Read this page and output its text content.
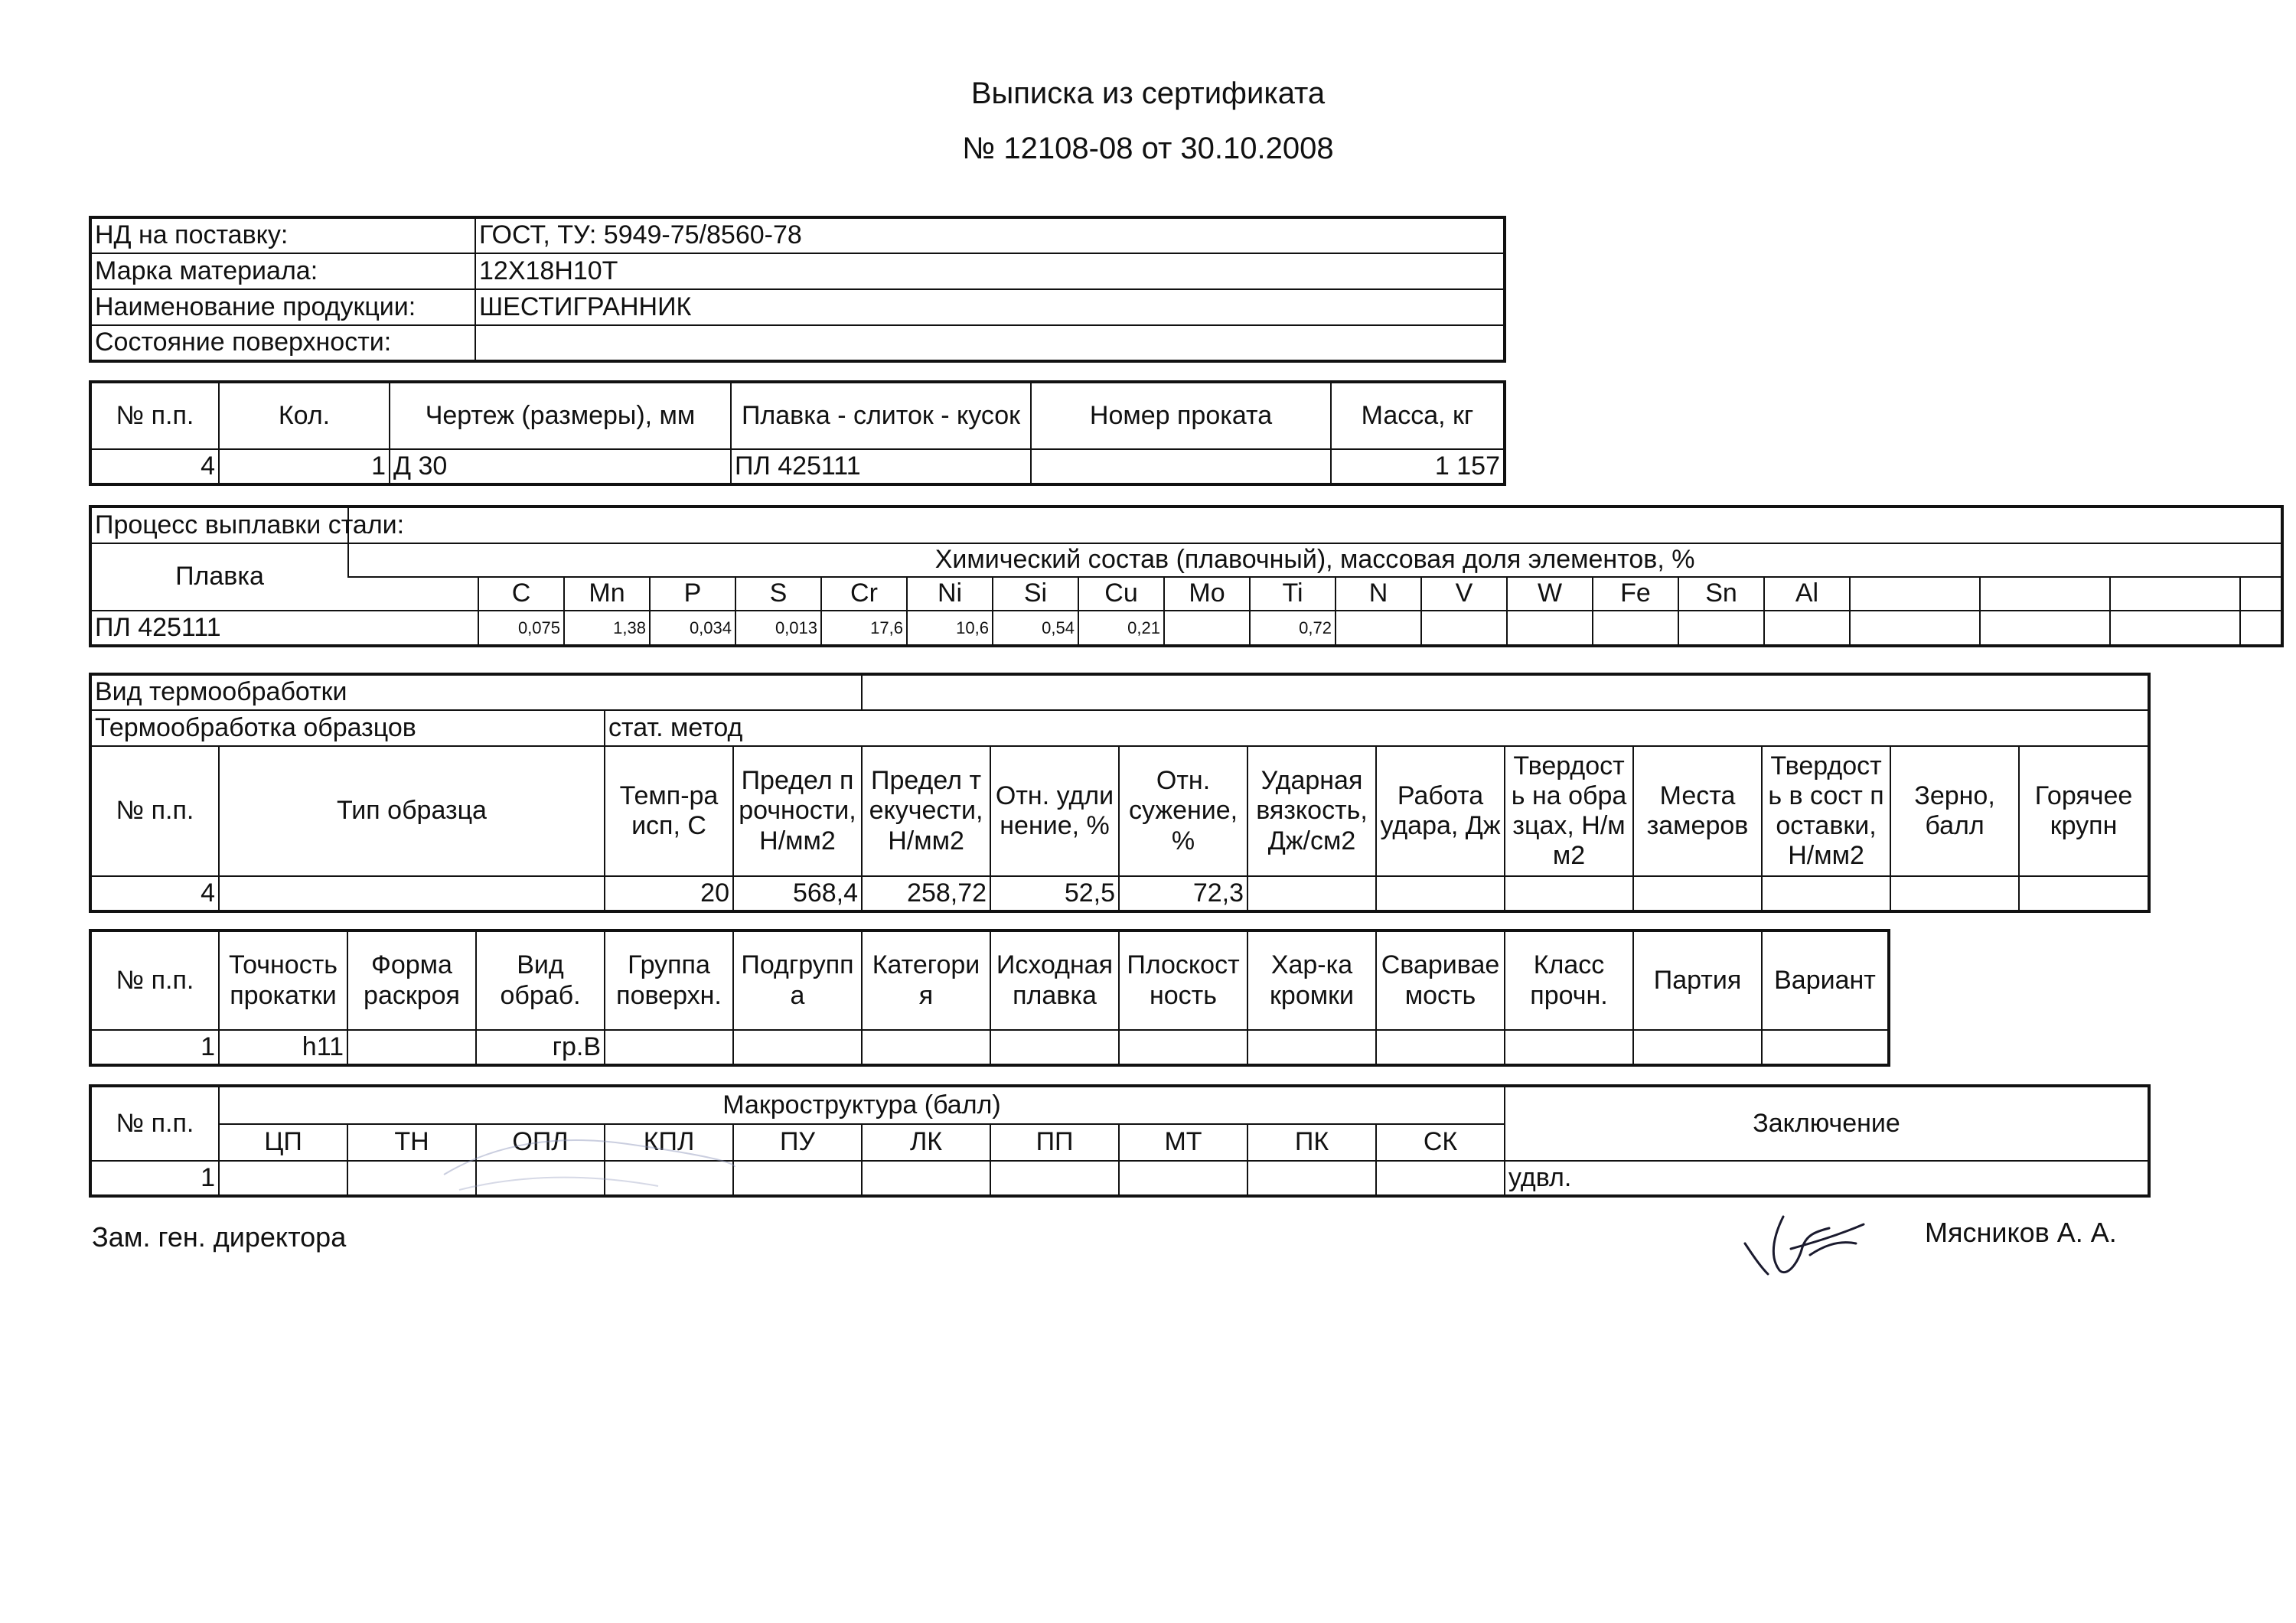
Выписка из сертификата
№ 12108-08 от 30.10.2008
НД на поставку:	ГОСТ, ТУ: 5949-75/8560-78
Марка материала:	12Х18Н10Т
Наименование продукции:	ШЕСТИГРАННИК
Состояние поверхности:	
№ п.п.	Кол.	Чертеж (размеры), мм	Плавка - слиток - кусок	Номер проката	Масса, кг
4	1	Д 30	ПЛ 425111		1 157
Процесс выплавки стали:																					
Плавка	Химический состав (плавочный), массовая доля элементов, %																				
		C	Mn	P	S	Cr	Ni	Si	Cu	Mo	Ti	N	V	W	Fe	Sn	Al				
ПЛ 425111		0,075	1,38	0,034	0,013	17,6	10,6	0,54	0,21		0,72										
Вид термообработки													
Термообработка образцов		стат. метод											
№ п.п.	Тип образца	Темп-ра исп, С	Предел прочности, Н/мм2	Предел текучести, Н/мм2	Отн. удлинение, %	Отн. сужение, %	Ударная вязкость, Дж/см2	Работа удара, Дж	Твердость на образцах, Н/мм2	Места замеров	Твердость в сост поставки, Н/мм2	Зерно, балл	Горячее крупн
4		20	568,4	258,72	52,5	72,3							
№ п.п.	Точность прокатки	Форма раскроя	Вид обраб.	Группа поверхн.	Подгруппа	Категория	Исходная плавка	Плоскостность	Хар-ка кромки	Свариваемость	Класс прочн.	Партия	Вариант
1	h11		гр.В										
№ п.п.	Макроструктура (балл)										Заключение
	ЦП	ТН	ОПЛ	КПЛ	ПУ	ЛК	ПП	МТ	ПК	СК	
1											удвл.
Зам. ген. директора	Мясников А. А.
